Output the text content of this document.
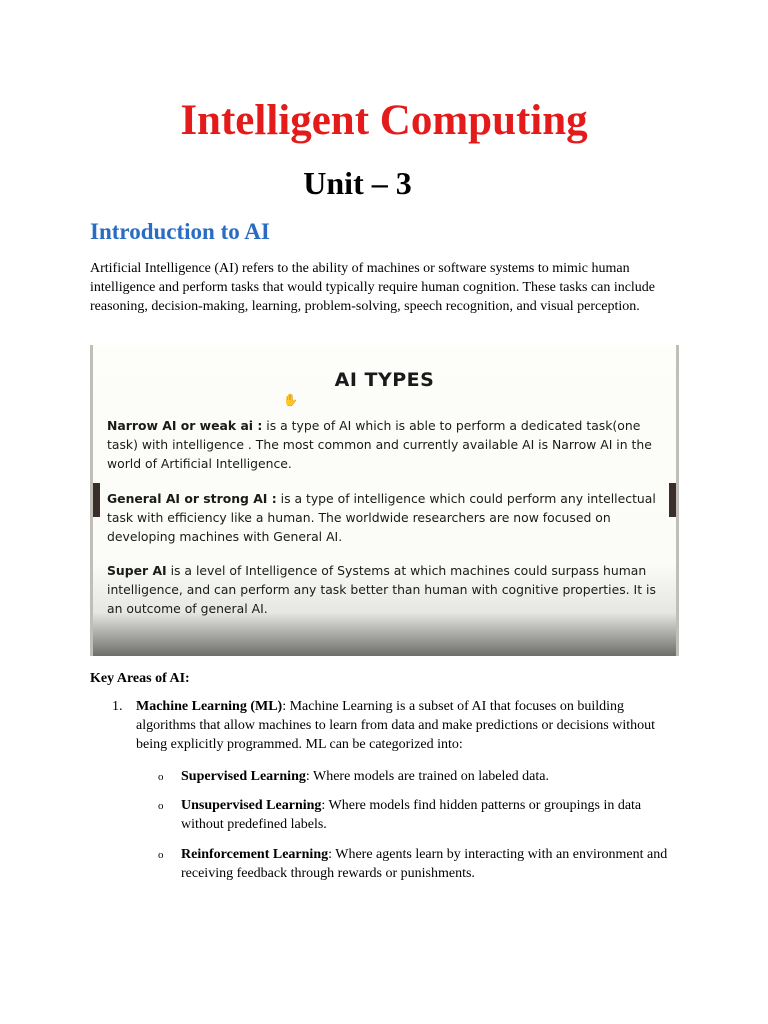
Intelligent Computing
Unit – 3
Introduction to AI
Artificial Intelligence (AI) refers to the ability of machines or software systems to mimic human intelligence and perform tasks that would typically require human cognition. These tasks can include reasoning, decision-making, learning, problem-solving, speech recognition, and visual perception.
AI TYPES
✋
Narrow AI or weak ai : is a type of AI which is able to perform a dedicated task(one task) with intelligence . The most common and currently available AI is Narrow AI in the world of Artificial Intelligence.
General AI or strong AI : is a type of intelligence which could perform any intellectual task with efficiency like a human. The worldwide researchers are now focused on developing machines with General AI.
Super AI is a level of Intelligence of Systems at which machines could surpass human intelligence, and can perform any task better than human with cognitive properties. It is an outcome of general AI.
Key Areas of AI:
1. Machine Learning (ML): Machine Learning is a subset of AI that focuses on building algorithms that allow machines to learn from data and make predictions or decisions without being explicitly programmed. ML can be categorized into:
o Supervised Learning: Where models are trained on labeled data.
o Unsupervised Learning: Where models find hidden patterns or groupings in data without predefined labels.
o Reinforcement Learning: Where agents learn by interacting with an environment and receiving feedback through rewards or punishments.
